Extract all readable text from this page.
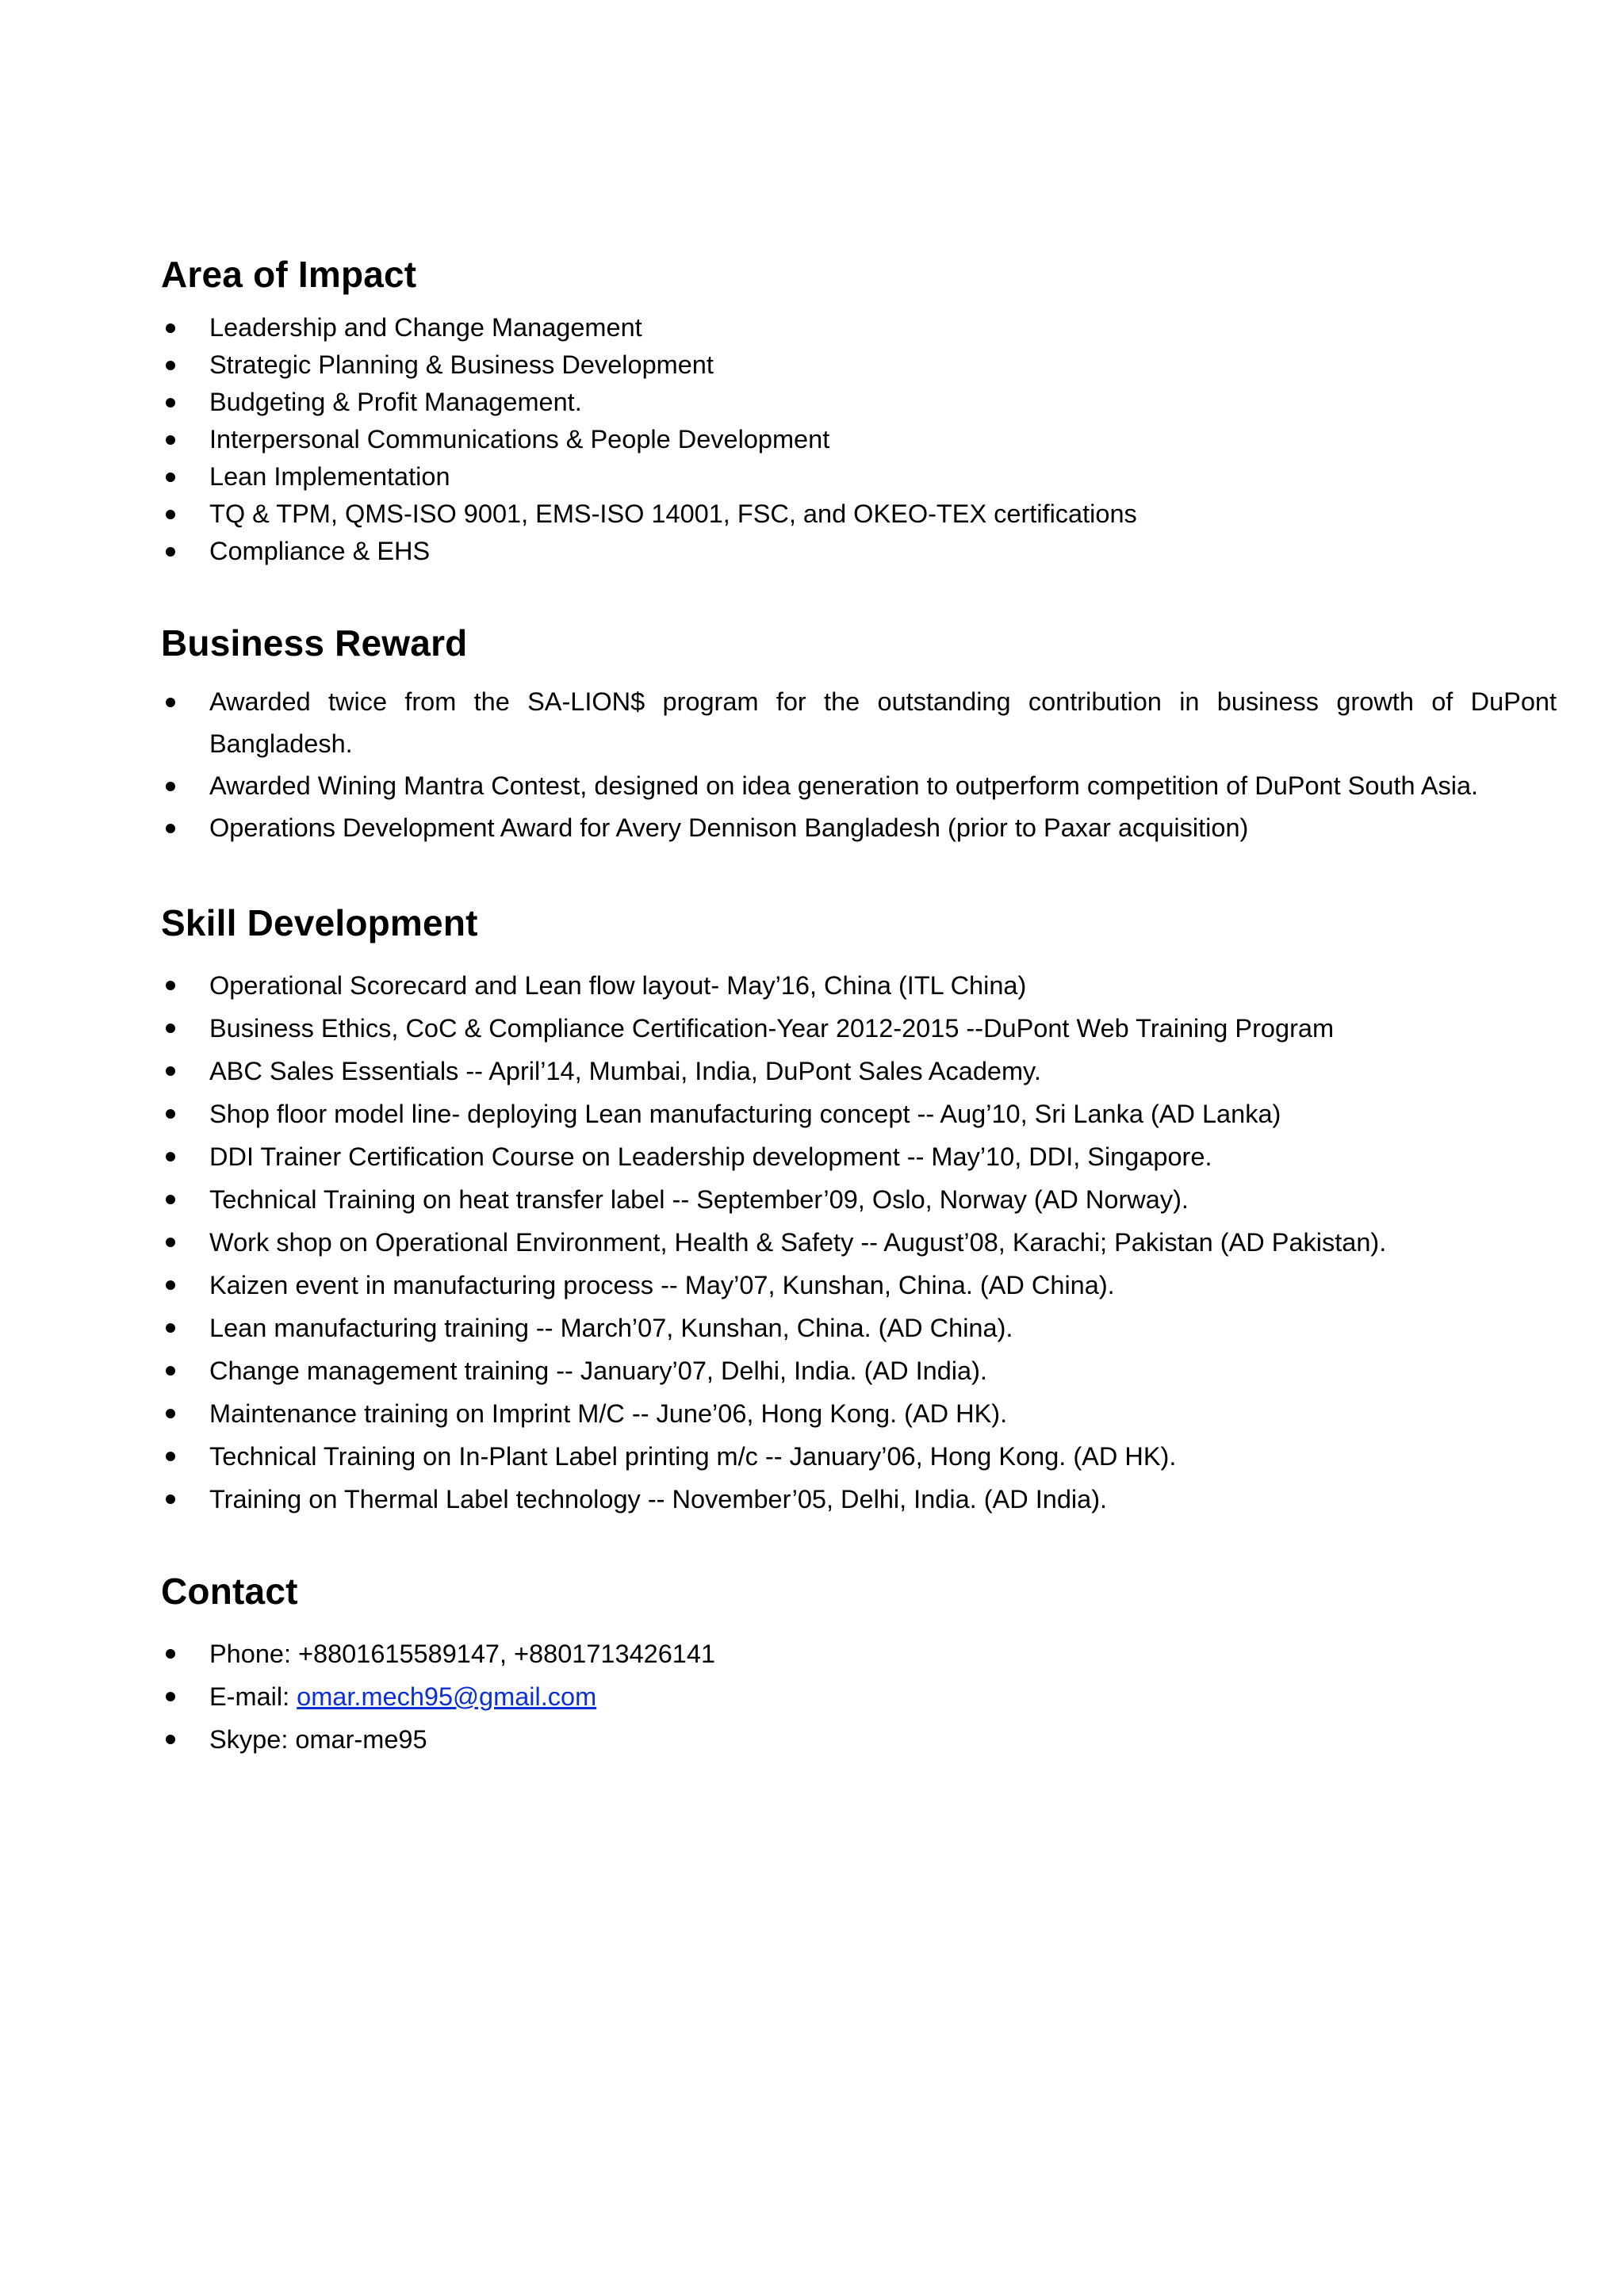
Area of Impact
Leadership and Change Management
Strategic Planning & Business Development
Budgeting & Profit Management.
Interpersonal Communications & People Development
Lean Implementation
TQ & TPM, QMS-ISO 9001, EMS-ISO 14001, FSC, and OKEO-TEX certifications
Compliance & EHS
Business Reward
Awarded twice from the SA-LION$ program for the outstanding contribution in business growth of DuPont Bangladesh.
Awarded Wining Mantra Contest, designed on idea generation to outperform competition of DuPont South Asia.
Operations Development Award for Avery Dennison Bangladesh (prior to Paxar acquisition)
Skill Development
Operational Scorecard and Lean flow layout- May’16, China (ITL China)
Business Ethics, CoC & Compliance Certification-Year 2012-2015 --DuPont Web Training Program
ABC Sales Essentials -- April’14, Mumbai, India, DuPont Sales Academy.
Shop floor model line- deploying Lean manufacturing concept -- Aug’10, Sri Lanka (AD Lanka)
DDI Trainer Certification Course on Leadership development -- May’10, DDI, Singapore.
Technical Training on heat transfer label -- September’09, Oslo, Norway (AD Norway).
Work shop on Operational Environment, Health & Safety -- August’08, Karachi; Pakistan (AD Pakistan).
Kaizen event in manufacturing process -- May’07, Kunshan, China. (AD China).
Lean manufacturing training -- March’07, Kunshan, China. (AD China).
Change management training -- January’07, Delhi, India. (AD India).
Maintenance training on Imprint M/C -- June’06, Hong Kong. (AD HK).
Technical Training on In-Plant Label printing m/c -- January’06, Hong Kong. (AD HK).
Training on Thermal Label technology -- November’05, Delhi, India. (AD India).
Contact
Phone: +8801615589147, +8801713426141
E-mail: omar.mech95@gmail.com
Skype: omar-me95
